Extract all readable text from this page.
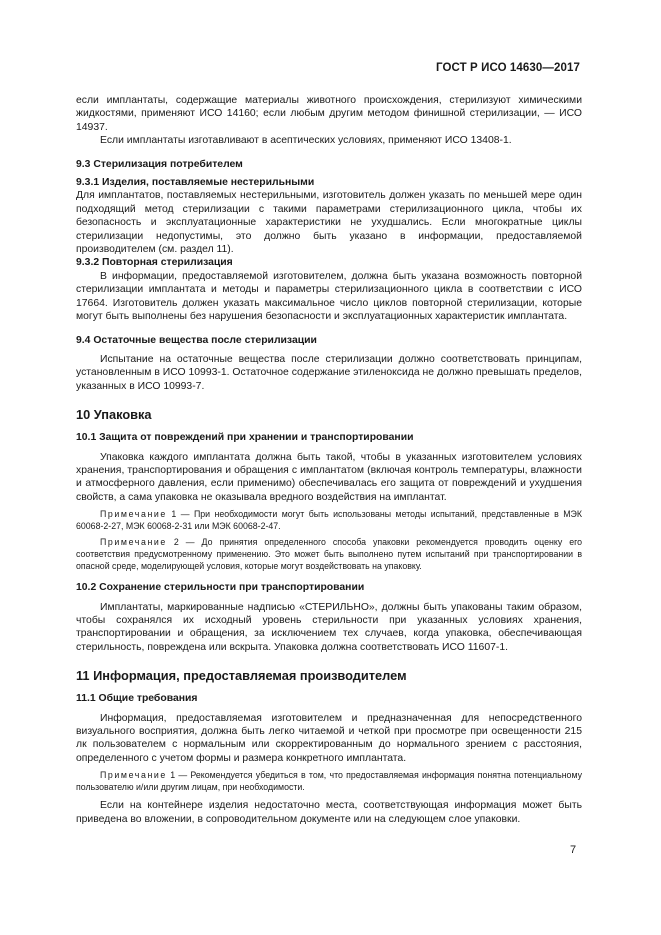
ГОСТ Р ИСО 14630—2017

если имплантаты, содержащие материалы животного происхождения, стерилизуют химическими жидкостями, применяют ИСО 14160; если любым другим методом финишной стерилизации, — ИСО 14937.

Если имплантаты изготавливают в асептических условиях, применяют ИСО 13408-1.

9.3 Стерилизация потребителем

9.3.1 Изделия, поставляемые нестерильными

Для имплантатов, поставляемых нестерильными, изготовитель должен указать по меньшей мере один подходящий метод стерилизации с такими параметрами стерилизационного цикла, чтобы их безопасность и эксплуатационные характеристики не ухудшались. Если многократные циклы стерилизации недопустимы, это должно быть указано в информации, предоставляемой производителем (см. раздел 11).

9.3.2 Повторная стерилизация

В информации, предоставляемой изготовителем, должна быть указана возможность повторной стерилизации имплантата и методы и параметры стерилизационного цикла в соответствии с ИСО 17664. Изготовитель должен указать максимальное число циклов повторной стерилизации, которые могут быть выполнены без нарушения безопасности и эксплуатационных характеристик имплантата.

9.4 Остаточные вещества после стерилизации

Испытание на остаточные вещества после стерилизации должно соответствовать принципам, установленным в ИСО 10993-1. Остаточное содержание этиленоксида не должно превышать пределов, указанных в ИСО 10993-7.

10 Упаковка

10.1 Защита от повреждений при хранении и транспортировании

Упаковка каждого имплантата должна быть такой, чтобы в указанных изготовителем условиях хранения, транспортирования и обращения с имплантатом (включая контроль температуры, влажности и атмосферного давления, если применимо) обеспечивалась его защита от повреждений и ухудшения свойств, а сама упаковка не оказывала вредного воздействия на имплантат.

Примечание 1 — При необходимости могут быть использованы методы испытаний, представленные в МЭК 60068-2-27, МЭК 60068-2-31 или МЭК 60068-2-47.

Примечание 2 — До принятия определенного способа упаковки рекомендуется проводить оценку его соответствия предусмотренному применению. Это может быть выполнено путем испытаний при транспортировании в опасной среде, моделирующей условия, которые могут воздействовать на упаковку.

10.2 Сохранение стерильности при транспортировании

Имплантаты, маркированные надписью «СТЕРИЛЬНО», должны быть упакованы таким образом, чтобы сохранялся их исходный уровень стерильности при указанных условиях хранения, транспортировании и обращения, за исключением тех случаев, когда упаковка, обеспечивающая стерильность, повреждена или вскрыта. Упаковка должна соответствовать ИСО 11607-1.

11 Информация, предоставляемая производителем

11.1 Общие требования

Информация, предоставляемая изготовителем и предназначенная для непосредственного визуального восприятия, должна быть легко читаемой и четкой при просмотре при освещенности 215 лк пользователем с нормальным или скорректированным до нормального зрением с расстояния, определенного с учетом формы и размера конкретного имплантата.

Примечание 1 — Рекомендуется убедиться в том, что предоставляемая информация понятна потенциальному пользователю и/или другим лицам, при необходимости.

Если на контейнере изделия недостаточно места, соответствующая информация может быть приведена во вложении, в сопроводительном документе или на следующем слое упаковки.

7
